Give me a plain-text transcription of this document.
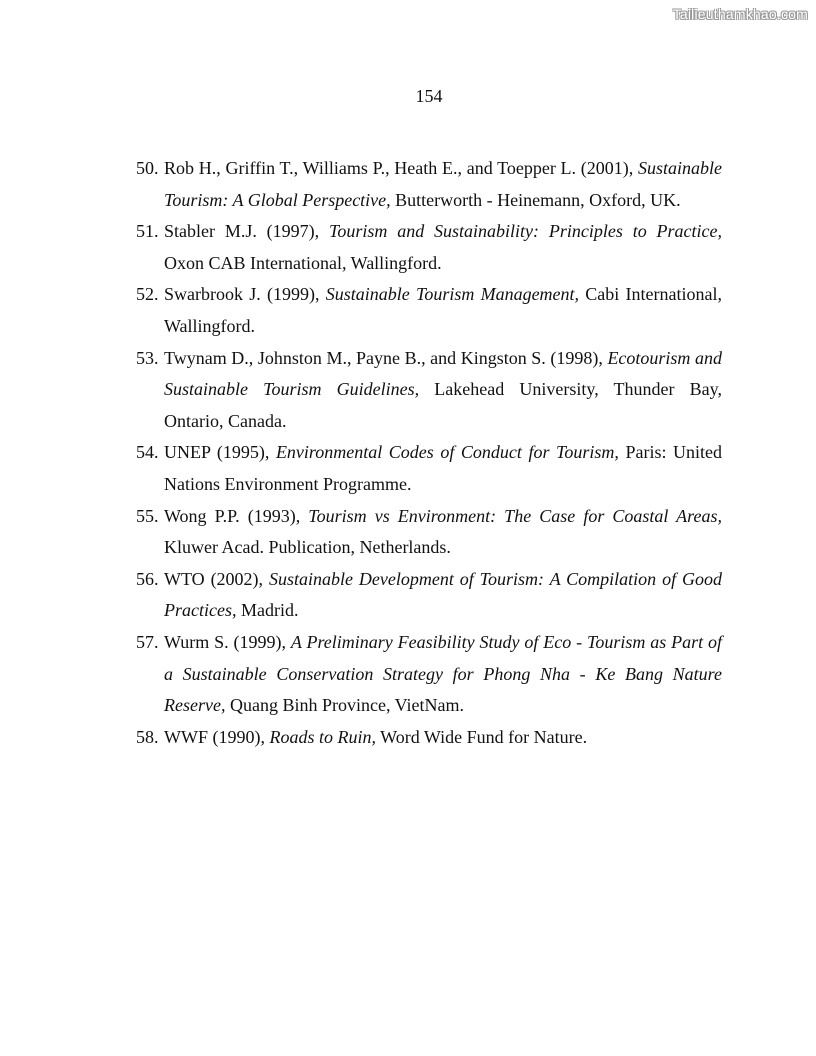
Tailieuthamkhao.com
154
50. Rob H., Griffin T., Williams P., Heath E., and Toepper L. (2001), Sustainable Tourism: A Global Perspective, Butterworth - Heinemann, Oxford, UK.
51. Stabler M.J. (1997), Tourism and Sustainability: Principles to Practice, Oxon CAB International, Wallingford.
52. Swarbrook J. (1999), Sustainable Tourism Management, Cabi International, Wallingford.
53. Twynam D., Johnston M., Payne B., and Kingston S. (1998), Ecotourism and Sustainable Tourism Guidelines, Lakehead University, Thunder Bay, Ontario, Canada.
54. UNEP (1995), Environmental Codes of Conduct for Tourism, Paris: United Nations Environment Programme.
55. Wong P.P. (1993), Tourism vs Environment: The Case for Coastal Areas, Kluwer Acad. Publication, Netherlands.
56. WTO (2002), Sustainable Development of Tourism: A Compilation of Good Practices, Madrid.
57. Wurm S. (1999), A Preliminary Feasibility Study of Eco - Tourism as Part of a Sustainable Conservation Strategy for Phong Nha - Ke Bang Nature Reserve, Quang Binh Province, VietNam.
58. WWF (1990), Roads to Ruin, Word Wide Fund for Nature.
